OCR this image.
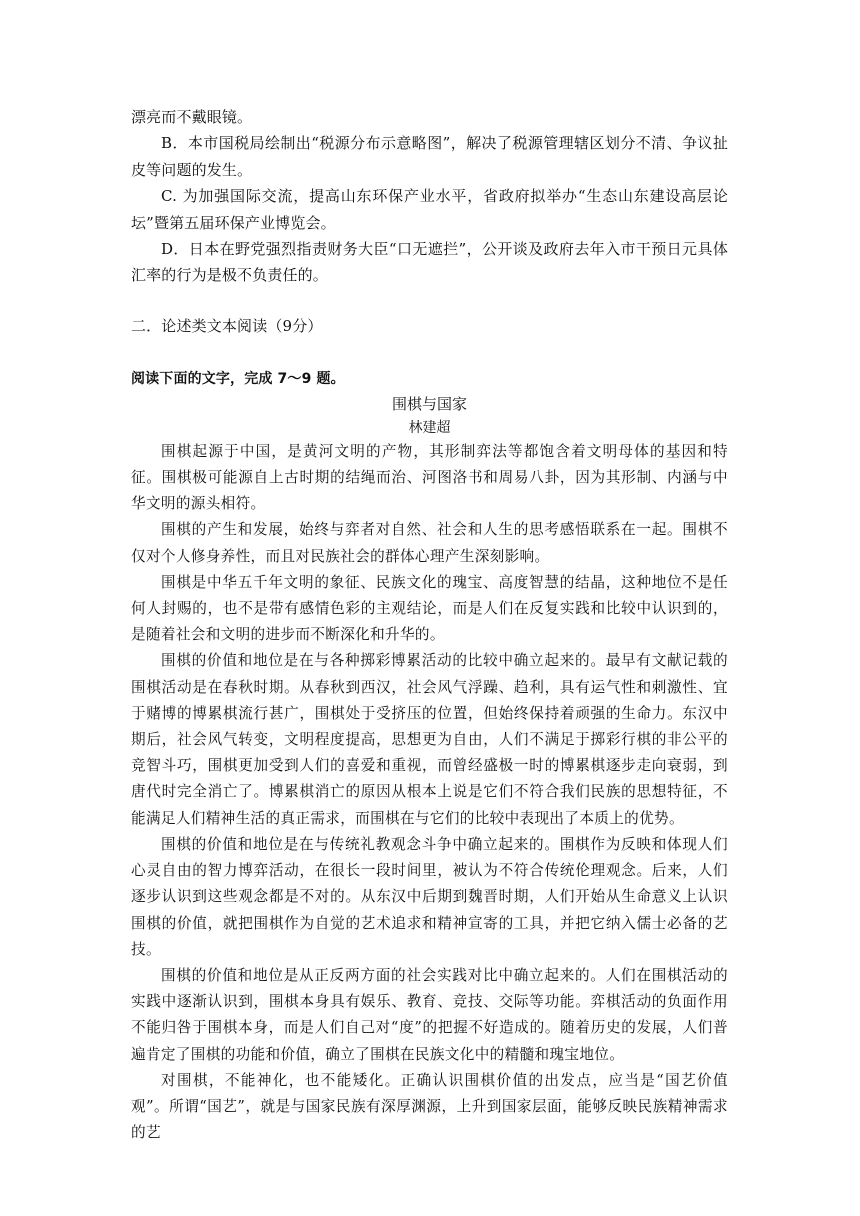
漂亮而不戴眼镜。

B．本市国税局绘制出“税源分布示意略图”，解决了税源管理辖区划分不清、争议扯皮等问题的发生。

C. 为加强国际交流，提高山东环保产业水平，省政府拟举办“生态山东建设高层论坛”暨第五届环保产业博览会。

D．日本在野党强烈指责财务大臣“口无遮拦”，公开谈及政府去年入市干预日元具体汇率的行为是极不负责任的。

二．论述类文本阅读（9分）

阅读下面的文字，完成 7～9 题。

围棋与国家

林建超

围棋起源于中国，是黄河文明的产物，其形制弈法等都饱含着文明母体的基因和特征。围棋极可能源自上古时期的结绳而治、河图洛书和周易八卦，因为其形制、内涵与中华文明的源头相符。

围棋的产生和发展，始终与弈者对自然、社会和人生的思考感悟联系在一起。围棋不仅对个人修身养性，而且对民族社会的群体心理产生深刻影响。

围棋是中华五千年文明的象征、民族文化的瑰宝、高度智慧的结晶，这种地位不是任何人封赐的，也不是带有感情色彩的主观结论，而是人们在反复实践和比较中认识到的，是随着社会和文明的进步而不断深化和升华的。

围棋的价值和地位是在与各种掷彩博累活动的比较中确立起来的。最早有文献记载的围棋活动是在春秋时期。从春秋到西汉，社会风气浮躁、趋利，具有运气性和刺激性、宜于赌博的博累棋流行甚广，围棋处于受挤压的位置，但始终保持着顽强的生命力。东汉中期后，社会风气转变，文明程度提高，思想更为自由，人们不满足于掷彩行棋的非公平的竞智斗巧，围棋更加受到人们的喜爱和重视，而曾经盛极一时的博累棋逐步走向衰弱，到唐代时完全消亡了。博累棋消亡的原因从根本上说是它们不符合我们民族的思想特征，不能满足人们精神生活的真正需求，而围棋在与它们的比较中表现出了本质上的优势。

围棋的价值和地位是在与传统礼教观念斗争中确立起来的。围棋作为反映和体现人们心灵自由的智力博弈活动，在很长一段时间里，被认为不符合传统伦理观念。后来，人们逐步认识到这些观念都是不对的。从东汉中后期到魏晋时期，人们开始从生命意义上认识围棋的价值，就把围棋作为自觉的艺术追求和精神宣寄的工具，并把它纳入儒士必备的艺技。

围棋的价值和地位是从正反两方面的社会实践对比中确立起来的。人们在围棋活动的实践中逐渐认识到，围棋本身具有娱乐、教育、竞技、交际等功能。弈棋活动的负面作用不能归咎于围棋本身，而是人们自己对“度”的把握不好造成的。随着历史的发展，人们普遍肯定了围棋的功能和价值，确立了围棋在民族文化中的精髓和瑰宝地位。

对围棋，不能神化，也不能矮化。正确认识围棋价值的出发点，应当是“国艺价值观”。所谓“国艺”，就是与国家民族有深厚渊源，上升到国家层面，能够反映民族精神需求的艺
